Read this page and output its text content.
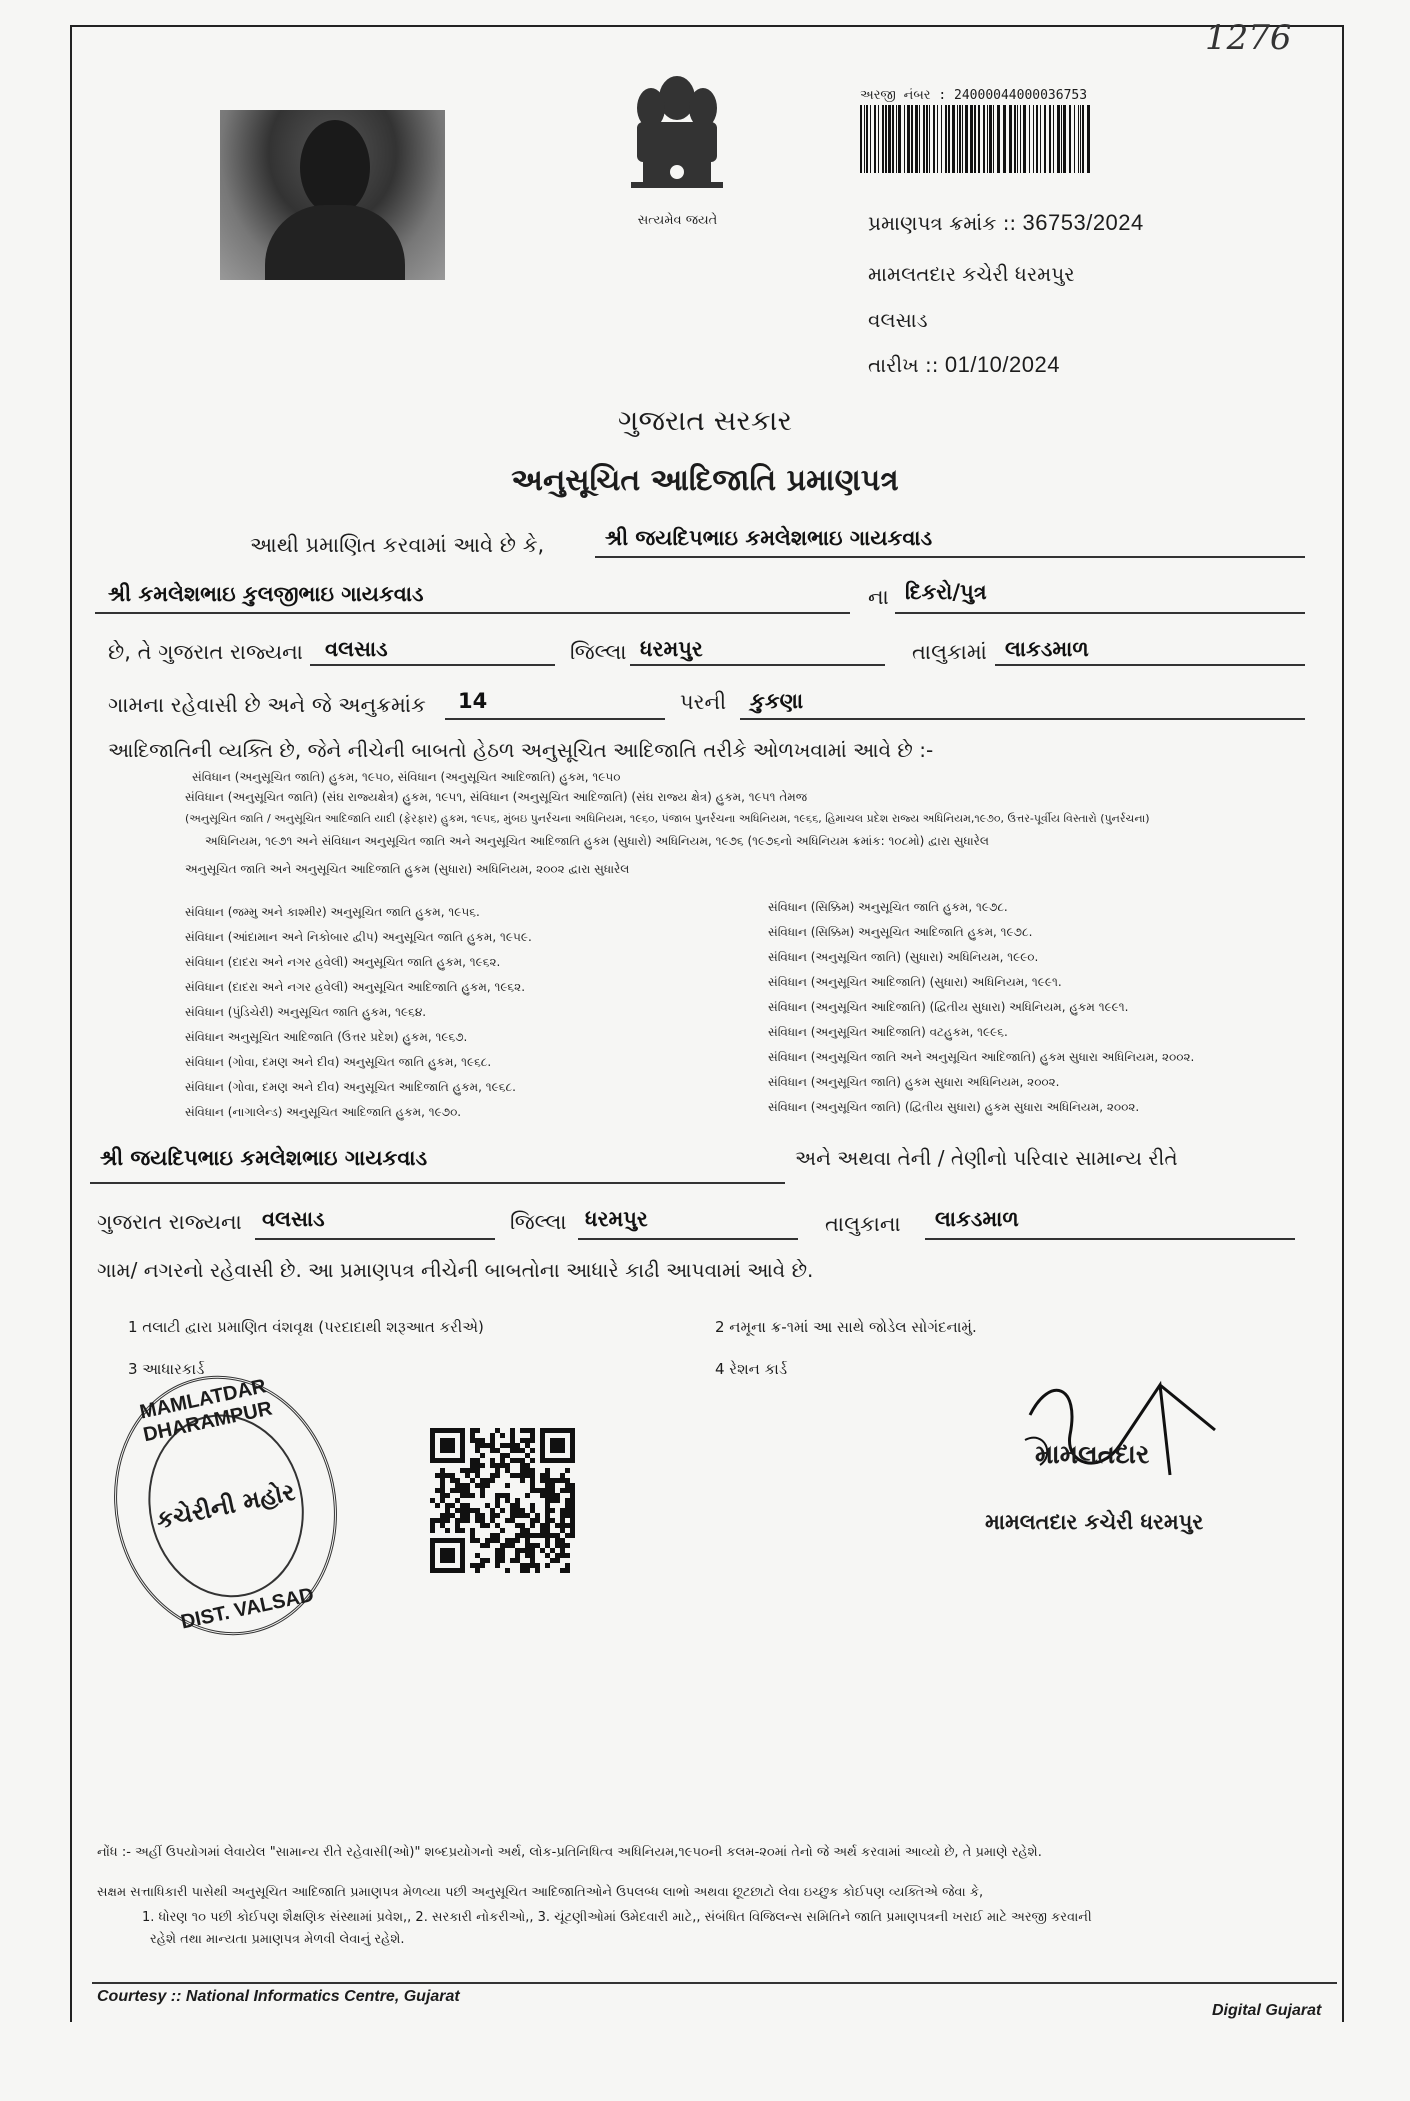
1276
સત્યમેવ જયતે
અરજી નંબર : 24000044000036753
પ્રમાણપત્ર ક્રમાંક :: 36753/2024
મામલતદાર કચેરી ધરમપુર
વલસાડ
તારીખ :: 01/10/2024
ગુજરાત સરકાર
અનુસૂચિત આદિજાતિ પ્રમાણપત્ર
આથી પ્રમાણિત કરવામાં આવે છે કે,	શ્રી જયદિપભાઇ કમલેશભાઇ ગાયકવાડ
શ્રી કમલેશભાઇ કુલજીભાઇ ગાયકવાડ	ના દિકરો/પુત્ર
છે, તે ગુજરાત રાજ્યના વલસાડ	જિલ્લા ધરમપુર	તાલુકામાં લાકડમાળ
ગામના રહેવાસી છે અને જે અનુક્રમાંક 14	પરની કુકણા
આદિજાતિની વ્યક્તિ છે, જેને નીચેની બાબતો હેઠળ અનુસૂચિત આદિજાતિ તરીકે ઓળખવામાં આવે છે :-
સંવિધાન (અનુસૂચિત જાતિ) હુકમ, ૧૯૫૦, સંવિધાન (અનુસૂચિત આદિજાતિ) હુકમ, ૧૯૫૦
સંવિધાન (અનુસૂચિત જાતિ) (સંઘ રાજ્યક્ષેત્ર) હુકમ, ૧૯૫૧, સંવિધાન (અનુસૂચિત આદિજાતિ) (સંઘ રાજ્ય ક્ષેત્ર) હુકમ, ૧૯૫૧ તેમજ
(અનુસૂચિત જાતિ / અનુસૂચિત આદિજાતિ યાદી (ફેરફાર) હુકમ, ૧૯૫૬, મુંબઇ પુનર્રચના અધિનિયમ, ૧૯૬૦, પંજાબ પુનર્રચના અધિનિયમ, ૧૯૬૬, હિમાચલ પ્રદેશ રાજ્ય અધિનિયમ,૧૯૭૦, ઉત્તર-પૂર્વીય વિસ્તારો (પુનર્રચના)
અધિનિયમ, ૧૯૭૧ અને સંવિધાન અનુસૂચિત જાતિ અને અનુસૂચિત આદિજાતિ હુકમ (સુધારો) અધિનિયમ, ૧૯૭૬ (૧૯૭૬નો અધિનિયમ ક્રમાંક: ૧૦૮મો) દ્વારા સુધારેલ
અનુસૂચિત જાતિ અને અનુસૂચિત આદિજાતિ હુકમ (સુધારા) અધિનિયમ, ૨૦૦૨ દ્વારા સુધારેલ
સંવિધાન (જમ્મુ અને કાશ્મીર) અનુસૂચિત જાતિ હુકમ, ૧૯૫૬.
સંવિધાન (આંદામાન અને નિકોબાર દ્વીપ) અનુસૂચિત જાતિ હુકમ, ૧૯૫૯.
સંવિધાન (દાદરા અને નગર હવેલી) અનુસૂચિત જાતિ હુકમ, ૧૯૬૨.
સંવિધાન (દાદરા અને નગર હવેલી) અનુસૂચિત આદિજાતિ હુકમ, ૧૯૬૨.
સંવિધાન (પુંડિચેરી) અનુસૂચિત જાતિ હુકમ, ૧૯૬૪.
સંવિધાન અનુસૂચિત આદિજાતિ (ઉત્તર પ્રદેશ) હુકમ, ૧૯૬૭.
સંવિધાન (ગોવા, દમણ અને દીવ) અનુસૂચિત જાતિ હુકમ, ૧૯૬૮.
સંવિધાન (ગોવા, દમણ અને દીવ) અનુસૂચિત આદિજાતિ હુકમ, ૧૯૬૮.
સંવિધાન (નાગાલેન્ડ) અનુસૂચિત આદિજાતિ હુકમ, ૧૯૭૦.
સંવિધાન (સિક્કિમ) અનુસૂચિત જાતિ હુકમ, ૧૯૭૮.
સંવિધાન (સિક્કિમ) અનુસૂચિત આદિજાતિ હુકમ, ૧૯૭૮.
સંવિધાન (અનુસૂચિત જાતિ) (સુધારા) અધિનિયમ, ૧૯૯૦.
સંવિધાન (અનુસૂચિત આદિજાતિ) (સુધારા) અધિનિયમ, ૧૯૯૧.
સંવિધાન (અનુસૂચિત આદિજાતિ) (દ્વિતીય સુધારા) અધિનિયમ, હુકમ ૧૯૯૧.
સંવિધાન (અનુસૂચિત આદિજાતિ) વટહુકમ, ૧૯૯૬.
સંવિધાન (અનુસૂચિત જાતિ અને અનુસૂચિત આદિજાતિ) હુકમ સુધારા અધિનિયમ, ૨૦૦૨.
સંવિધાન (અનુસૂચિત જાતિ) હુકમ સુધારા અધિનિયમ, ૨૦૦૨.
સંવિધાન (અનુસૂચિત જાતિ) (દ્વિતીય સુધારા) હુકમ સુધારા અધિનિયમ, ૨૦૦૨.
શ્રી જયદિપભાઇ કમલેશભાઇ ગાયકવાડ	અને અથવા તેની / તેણીનો પરિવાર સામાન્ય રીતે
ગુજરાત રાજ્યના વલસાડ	જિલ્લા ધરમપુર	તાલુકાના લાકડમાળ
ગામ/ નગરનો રહેવાસી છે. આ પ્રમાણપત્ર નીચેની બાબતોના આધારે કાઢી આપવામાં આવે છે.
1 તલાટી દ્વારા પ્રમાણિત વંશવૃક્ષ (પરદાદાથી શરૂઆત કરીએ)	2 નમૂના ક્ર-૧માં આ સાથે જોડેલ સોગંદનામું.
3 આધારકાર્ડ	4 રેશન કાર્ડ
MAMLATDAR DHARAMPUR
કચેરીની મહોર
DIST. VALSAD
મામલતદાર
મામલતદાર કચેરી ધરમપુર
નોંધ :- અહીં ઉપયોગમાં લેવાયેલ "સામાન્ય રીતે રહેવાસી(ઓ)" શબ્દપ્રયોગનો અર્થ, લોક-પ્રતિનિધિત્વ અધિનિયમ,૧૯૫૦ની કલમ-૨૦માં તેનો જે અર્થ કરવામાં આવ્યો છે, તે પ્રમાણે રહેશે.
સક્ષમ સત્તાધિકારી પાસેથી અનુસૂચિત આદિજાતિ પ્રમાણપત્ર મેળવ્યા પછી અનુસૂચિત આદિજાતિઓને ઉપલબ્ધ લાભો અથવા છૂટછાટો લેવા ઇચ્છુક કોઈપણ વ્યક્તિએ જેવા કે,
1. ધોરણ ૧૦ પછી કોઈપણ શૈક્ષણિક સંસ્થામાં પ્રવેશ,, 2. સરકારી નોકરીઓ,, 3. ચૂંટણીઓમાં ઉમેદવારી માટે,, સંબંધિત વિજિલન્સ સમિતિને જાતિ પ્રમાણપત્રની ખરાઈ માટે અરજી કરવાની
રહેશે તથા માન્યતા પ્રમાણપત્ર મેળવી લેવાનું રહેશે.
Courtesy :: National Informatics Centre, Gujarat
Digital Gujarat
